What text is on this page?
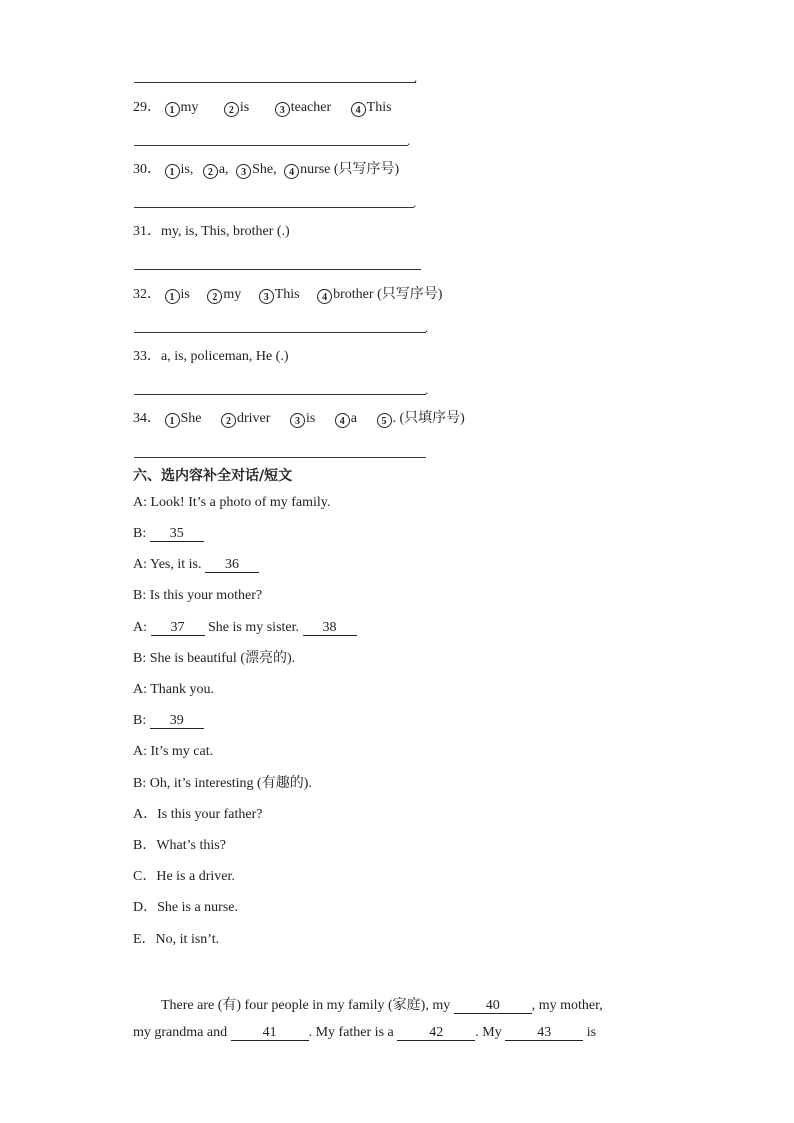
.
29． 1 my	2 is	3 teacher 4 This
.
30． 1 is, 2 a, 3 She, 4 nurse (只写序号)
.
31．my, is, This, brother (.)
32． 1 is 2 my 3 This 4 brother (只写序号)
.
33．a, is, policeman, He (.)
.
34． 1 She 2 driver 3 is 4 a 5 . (只填序号)
六、选内容补全对话/短文
A: Look! It’s a photo of my family.
B: 35
A: Yes, it is. 36
B: Is this your mother?
A: 37 She is my sister. 38
B: She is beautiful (漂亮的).
A: Thank you.
B: 39
A: It’s my cat.
B: Oh, it’s interesting (有趣的).
A．Is this your father?
B．What’s this?
C．He is a driver.
D．She is a nurse.
E．No, it isn’t.
There are (有) four people in my family (家庭), my 40 , my mother,
my grandma and 41 . My father is a 42 . My 43 is
